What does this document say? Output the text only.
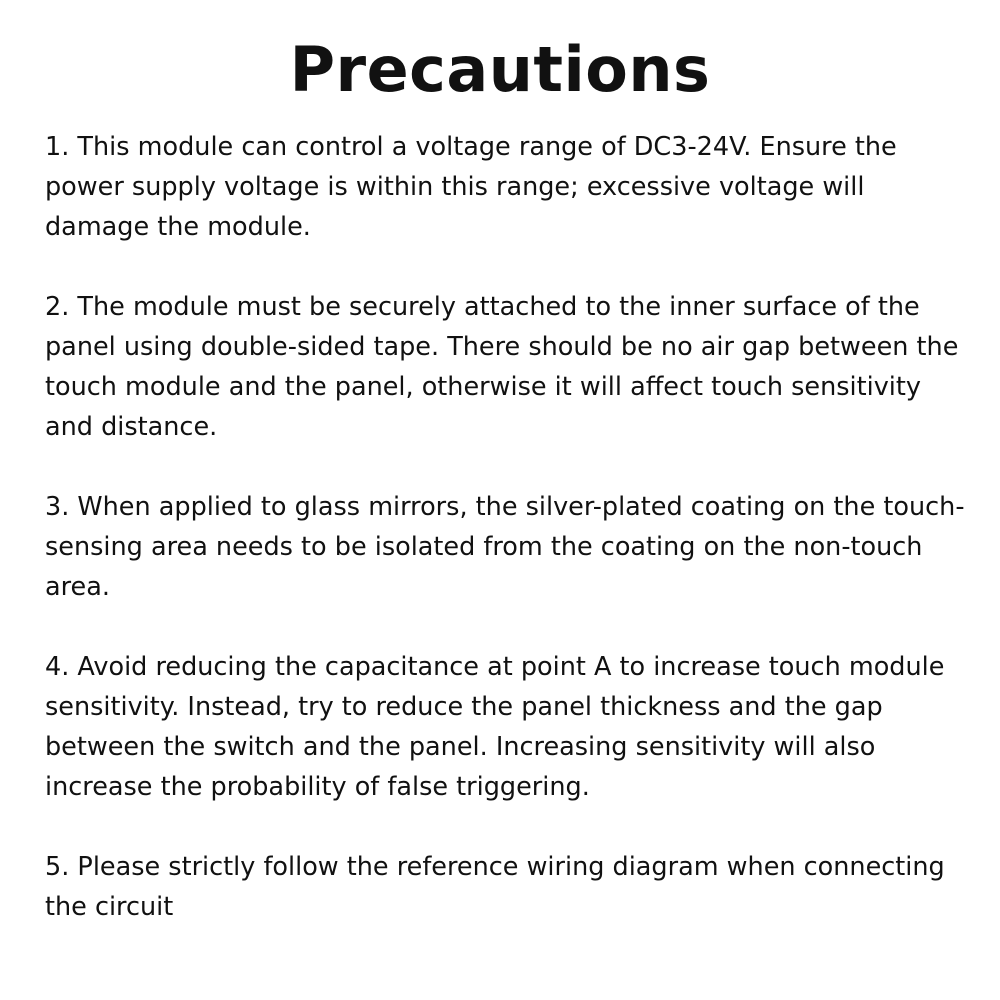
Precautions
1. This module can control a voltage range of DC3-24V. Ensure the power supply voltage is within this range; excessive voltage will damage the module.
2. The module must be securely attached to the inner surface of the panel using double-sided tape. There should be no air gap between the touch module and the panel, otherwise it will affect touch sensitivity and distance.
3. When applied to glass mirrors, the silver-plated coating on the touch-sensing area needs to be isolated from the coating on the non-touch area.
4. Avoid reducing the capacitance at point A to increase touch module sensitivity. Instead, try to reduce the panel thickness and the gap between the switch and the panel. Increasing sensitivity will also increase the probability of false triggering.
5. Please strictly follow the reference wiring diagram when connecting the circuit
